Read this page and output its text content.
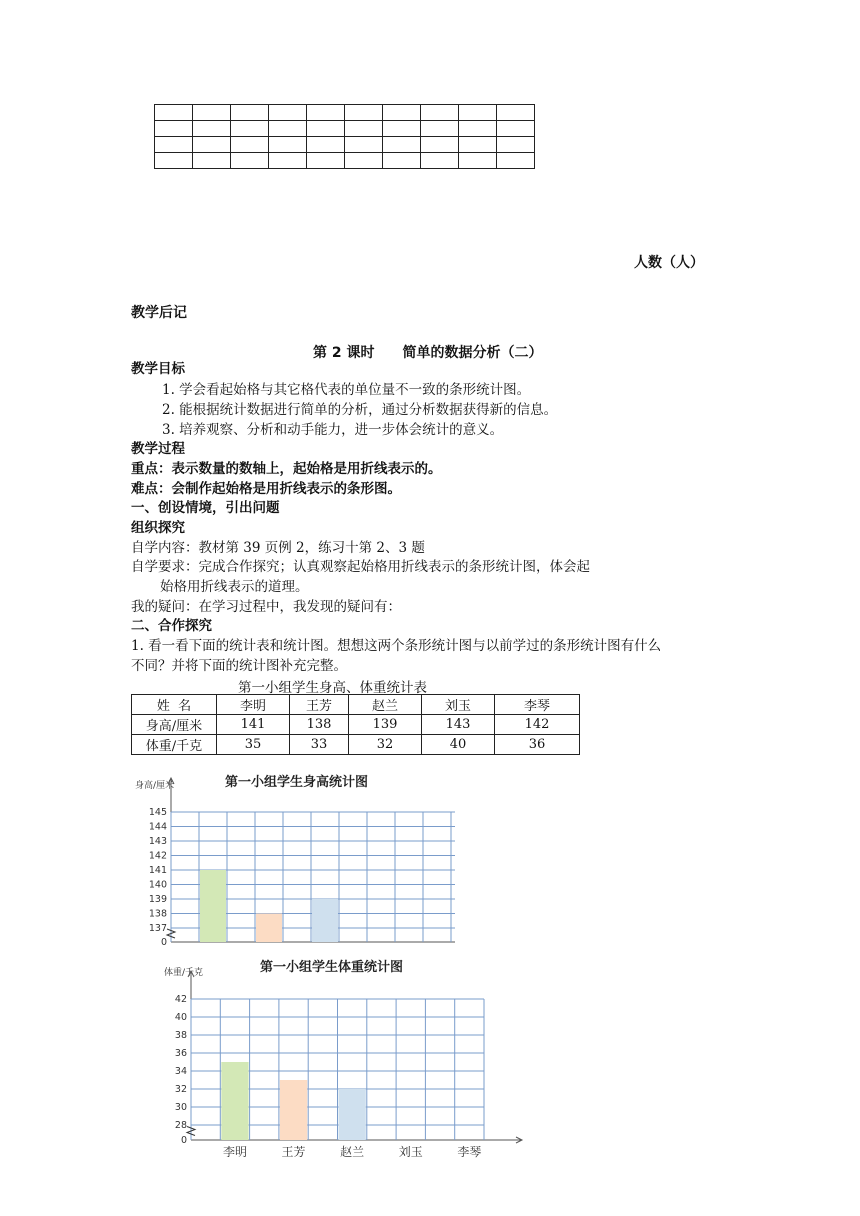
人数（人）
教学后记
第 2 课时　　简单的数据分析（二）
教学目标
1. 学会看起始格与其它格代表的单位量不一致的条形统计图。
2. 能根据统计数据进行简单的分析，通过分析数据获得新的信息。
3. 培养观察、分析和动手能力，进一步体会统计的意义。
教学过程
重点：表示数量的数轴上，起始格是用折线表示的。
难点：会制作起始格是用折线表示的条形图。
一、创设情境，引出问题
组织探究
自学内容：教材第 39 页例 2，练习十第 2、3 题
自学要求：完成合作探究；认真观察起始格用折线表示的条形统计图，体会起
始格用折线表示的道理。
我的疑问：在学习过程中，我发现的疑问有：
二、合作探究
1. 看一看下面的统计表和统计图。想想这两个条形统计图与以前学过的条形统计图有什么
不同？并将下面的统计图补充完整。
第一小组学生身高、体重统计表
姓  名	李明	王芳	赵兰	刘玉	李琴
身高/厘米	141	138	139	143	142
体重/千克	35	33	32	40	36
第一小组学生身高统计图
身高/厘米
145
144
143
142
141
140
139
138
137
0
第一小组学生体重统计图
体重/千克
42
40
38
36
34
32
30
28
0
李明	王芳	赵兰	刘玉	李琴
